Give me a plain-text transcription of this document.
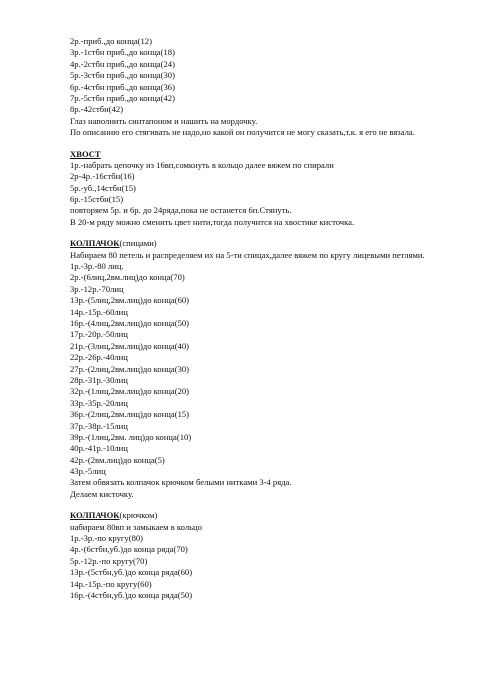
2р.-приб.,до конца(12)
3р.-1стбн приб.,до конца(18)
4р.-2стбн приб.,до конца(24)
5р.-3стбн приб.,до конца(30)
6р.-4стбн приб.,до конца(36)
7р.-5стбн приб.,до конца(42)
8р.-42стбн(42)
Глаз наполнить синтапоном и нашить на мордочку.
По описанию его стягивать не надо,но какой он получится не могу сказать,т.к. я его не вязала.
ХВОСТ
1р.-набрать цепочку из 16вп,сомкнуть в кольцо далее вяжем по спирали
2р-4р.-16стбн(16)
5р.-уб.,14стбн(15)
6р.-15стбн(15)
повторяем 5р. и 6р. до 24ряда,пока не останется 6п.Стянуть.
В 20-м ряду можно сменить цвет нити,тогда получится на хвостике кисточка.
КОЛПАЧОК(спицами)
Набираем 80 петель и распределяем их на 5-ти спицах,далее вяжем по кругу лицевыми петлями.
1р.-3р.-80 лиц.
2р.-(6лиц,2вм.лиц)до конца(70)
3р.-12р.-70лиц
13р.-(5лиц,2вм.лиц)до конца(60)
14р.-15р.-60лиц
16р.-(4лиц,2вм.лиц)до конца(50)
17р.-20р.-50лиц
21р.-(3лиц,2вм.лиц)до конца(40)
22р.-26р.-40лиц
27р.-(2лиц,2вм.лиц)до конца(30)
28р.-31р.-30лиц
32р.-(1лиц,2вм.лиц)до конца(20)
33р.-35р.-20лиц
36р.-(2лиц,2вм.лиц)до конца(15)
37р.-38р.-15лиц
39р.-(1лиц,2вм. лиц)до конца(10)
40р.-41р.-10лиц
42р.-(2вм.лиц)до конца(5)
43р.-5лиц
Затем обвязать колпачок крючком белыми нитками 3-4 ряда.
Делаем кисточку.
КОЛПАЧОК(крючком)
набираем 80вп и замыкаем в кольцо
1р.-3р.-по кругу(80)
4р.-(6стбн,уб.)до конца ряда(70)
5р.-12р.-по кругу(70)
13р.-(5стбн,уб.)до конца ряда(60)
14р.-15р.-по кругу(60)
16р.-(4стбн,уб.)до конца ряда(50)
